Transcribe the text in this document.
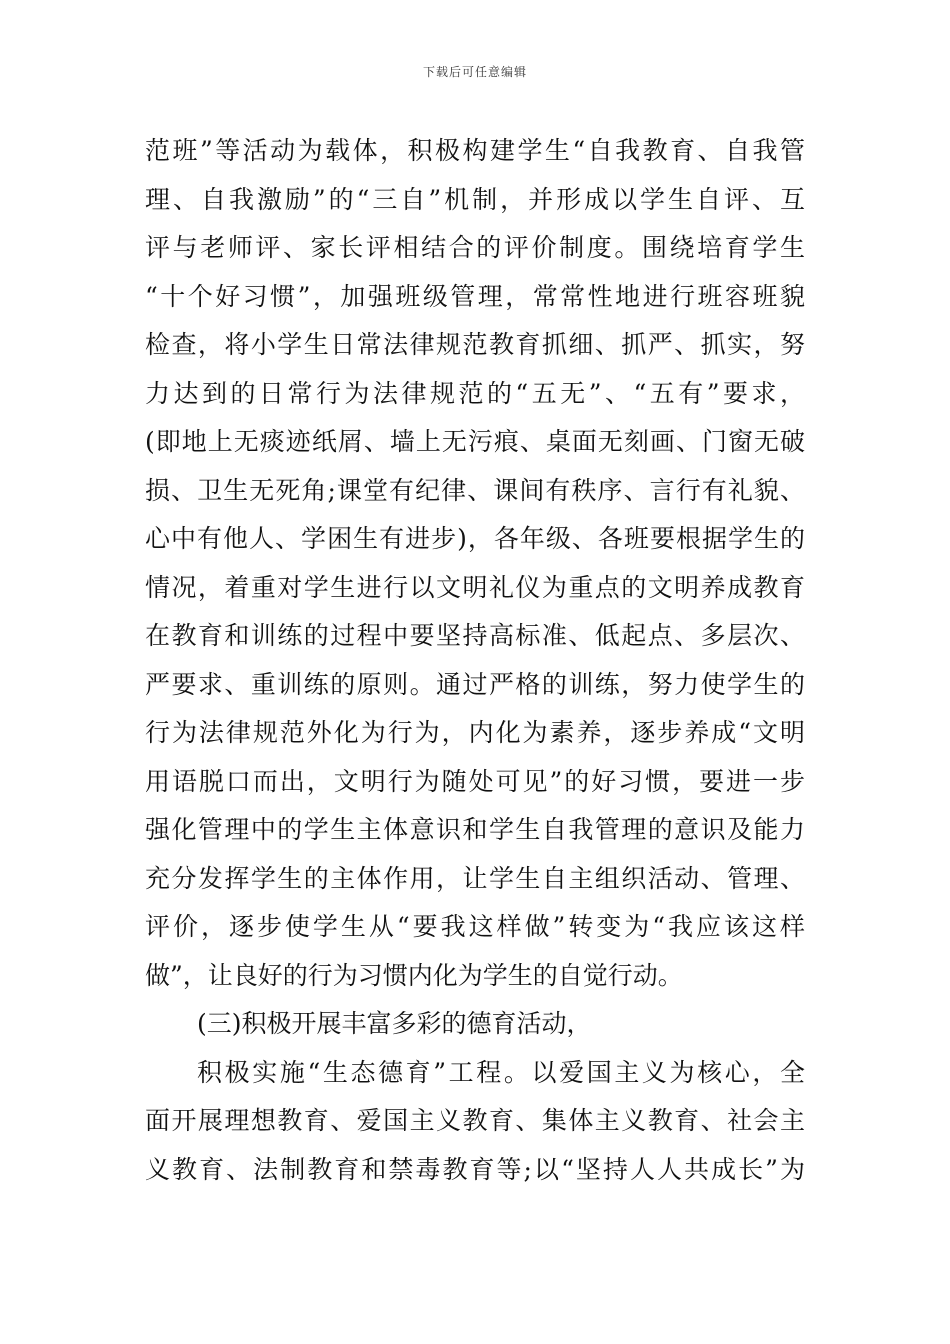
下载后可任意编辑
范班”等活动为载体，积极构建学生“自我教育、自我管
理、自我激励”的“三自”机制，并形成以学生自评、互
评与老师评、家长评相结合的评价制度。围绕培育学生
“十个好习惯”，加强班级管理，常常性地进行班容班貌
检查，将小学生日常法律规范教育抓细、抓严、抓实，努
力达到的日常行为法律规范的“五无”、“五有”要求，
(即地上无痰迹纸屑、墙上无污痕、桌面无刻画、门窗无破
损、卫生无死角;课堂有纪律、课间有秩序、言行有礼貌、
心中有他人、学困生有进步)，各年级、各班要根据学生的
情况，着重对学生进行以文明礼仪为重点的文明养成教育
在教育和训练的过程中要坚持高标准、低起点、多层次、
严要求、重训练的原则。通过严格的训练，努力使学生的
行为法律规范外化为行为，内化为素养，逐步养成“文明
用语脱口而出，文明行为随处可见”的好习惯，要进一步
强化管理中的学生主体意识和学生自我管理的意识及能力
充分发挥学生的主体作用，让学生自主组织活动、管理、
评价，逐步使学生从“要我这样做”转变为“我应该这样
做”，让良好的行为习惯内化为学生的自觉行动。
(三)积极开展丰富多彩的德育活动，
积极实施“生态德育”工程。以爱国主义为核心，全
面开展理想教育、爱国主义教育、集体主义教育、社会主
义教育、法制教育和禁毒教育等;以“坚持人人共成长”为
